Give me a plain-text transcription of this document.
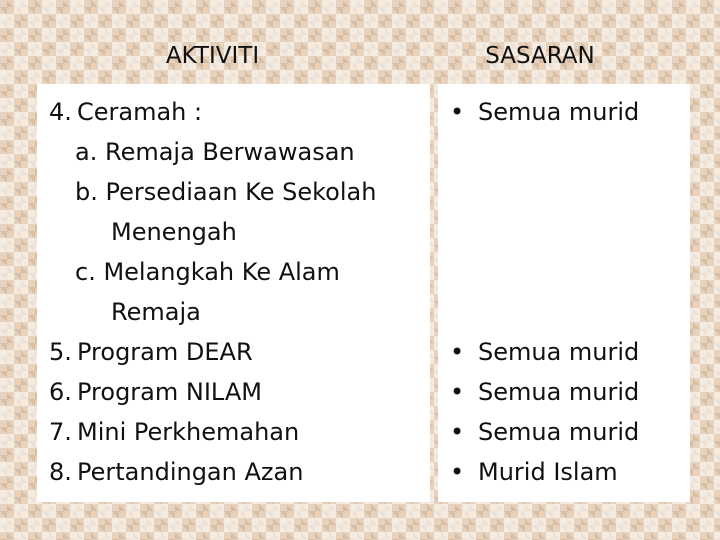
AKTIVITI	SASARAN
4. Ceramah :
a. Remaja Berwawasan
b. Persediaan Ke Sekolah
Menengah
c. Melangkah Ke Alam
Remaja
5. Program DEAR
6. Program NILAM
7. Mini Perkhemahan
8. Pertandingan Azan
• Semua murid
• Semua murid
• Semua murid
• Semua murid
• Murid Islam
